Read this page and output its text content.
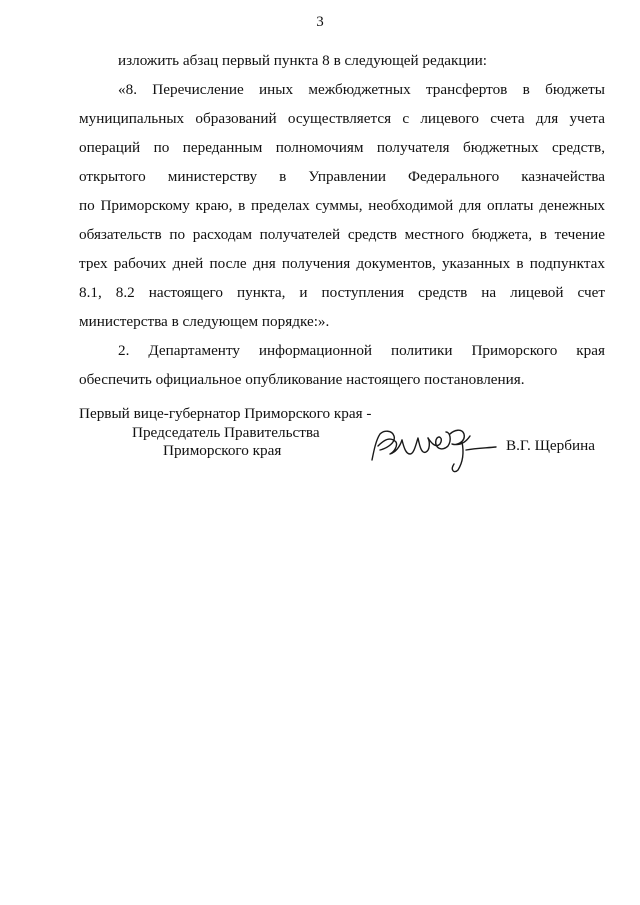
3
изложить абзац первый пункта 8 в следующей редакции:
«8. Перечисление иных межбюджетных трансфертов в бюджеты
муниципальных образований осуществляется с лицевого счета для учета
операций по переданным полномочиям получателя бюджетных средств,
открытого министерству в Управлении Федерального казначейства
по Приморскому краю, в пределах суммы, необходимой для оплаты денежных
обязательств по расходам получателей средств местного бюджета, в течение
трех рабочих дней после дня получения документов, указанных в подпунктах
8.1, 8.2 настоящего пункта, и поступления средств на лицевой счет
министерства в следующем порядке:».
2. Департаменту информационной политики Приморского края
обеспечить официальное опубликование настоящего постановления.
Первый вице-губернатор Приморского края -
Председатель Правительства
Приморского края	В.Г. Щербина
